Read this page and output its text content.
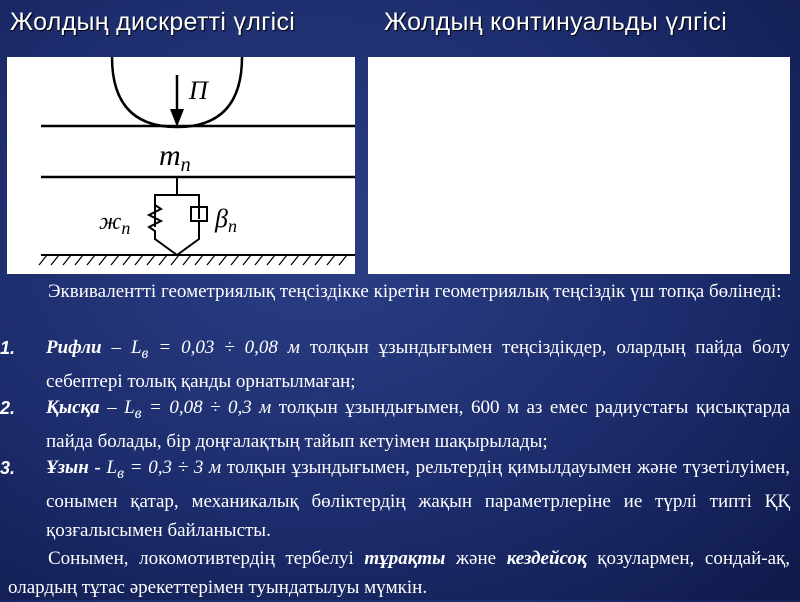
Жолдың дискретті үлгісі	Жолдың континуальды үлгісі
П
$m_п$
$ж_п$	βп

Эквиваленттi геометриялық теңсiздiкке кiретiн геометриялық теңсiздiк үш топқа бөлiнедi:

1. Рифли – $L_в = 0,03 \div 0,08$ м толқын ұзындығымен теңсiздiкдер, олардың пайда болу себептерi толық қанды орнатылмаған;

2. Қысқа – $L_в = 0,08 \div 0,3$ м толқын ұзындығымен, 600 м аз емес радиустағы қисықтарда пайда болады, бiр доңғалақтың тайып кетуiмен шақырылады;

3. Ұзын - $L_в = 0,3 \div 3$ м толқын ұзындығымен, рельтердiң қимылдауымен және түзетiлуiмен, сонымен қатар, механикалық бөлiктердiң жақын параметрлерiне ие түрлi типтi ҚҚ қозғалысымен байланысты.

Сонымен, локомотивтердiң тербелуi тұрақты және кездейсоқ қозулармен, сондай-ақ, олардың тұтас әрекеттерiмен туындатылуы мүмкiн.
